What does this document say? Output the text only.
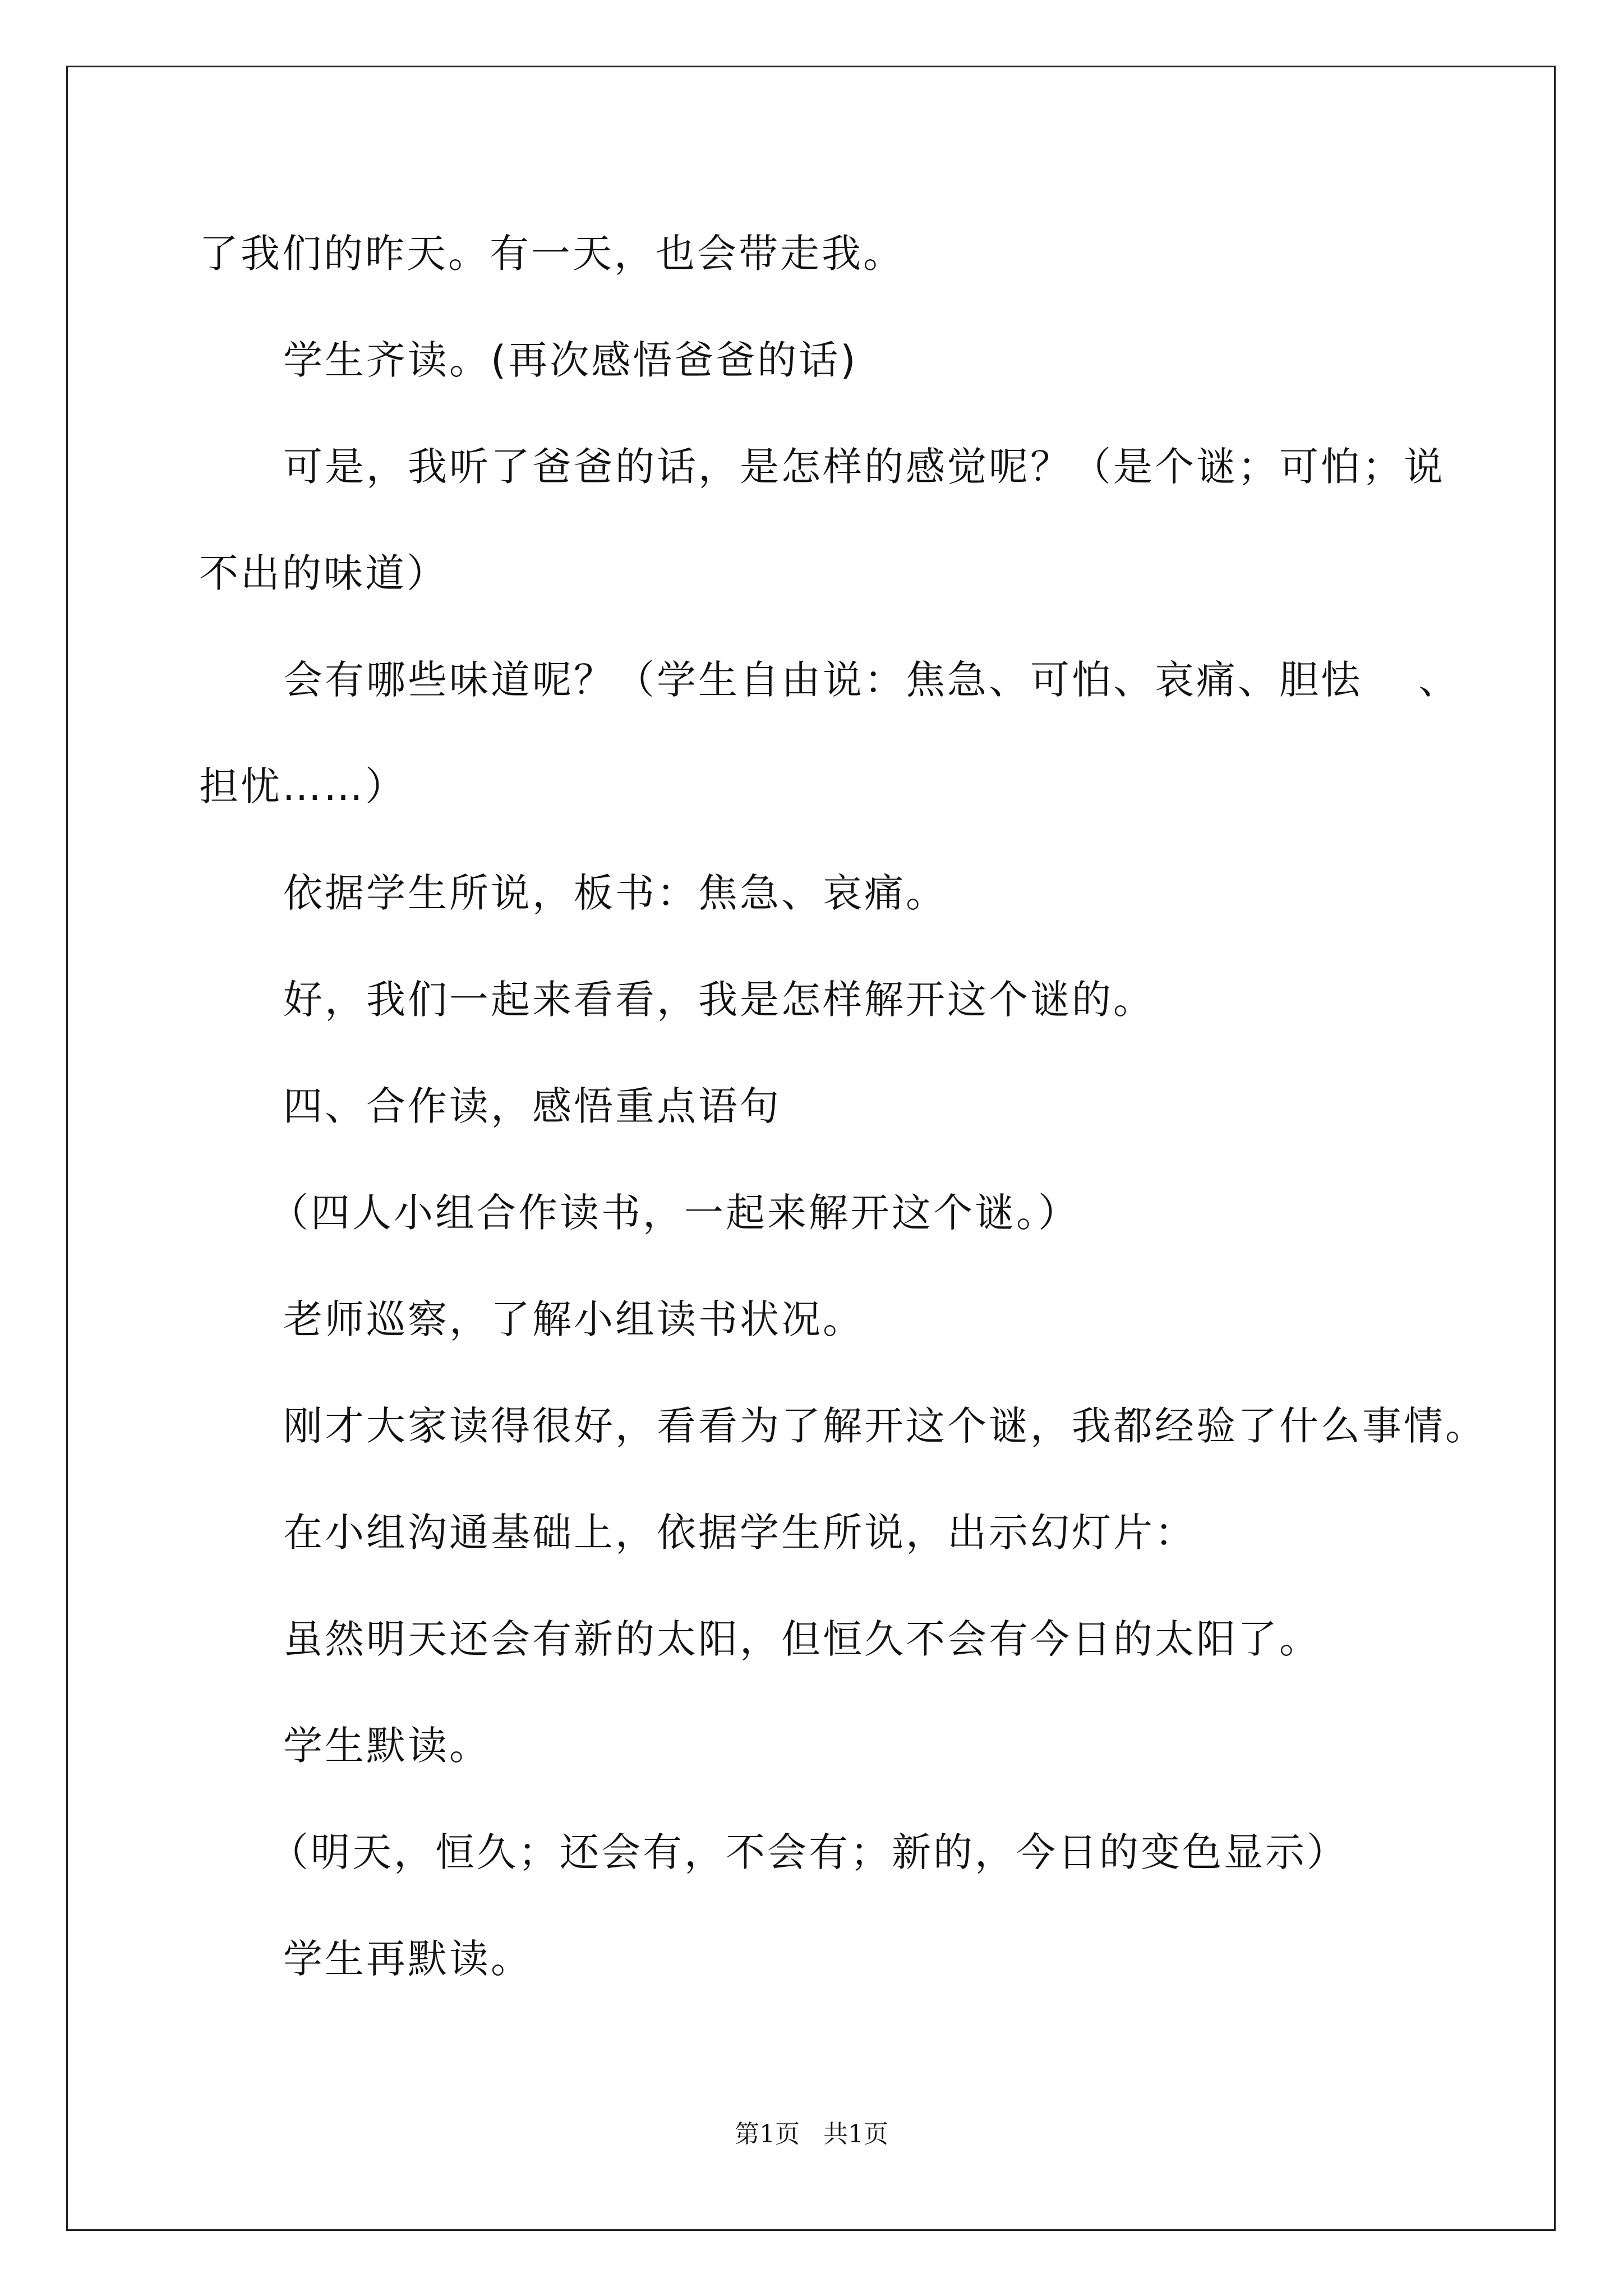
了我们的昨天。有一天，也会带走我。
学生齐读。(再次感悟爸爸的话)
可是，我听了爸爸的话，是怎样的感觉呢？（是个谜；可怕；说
不出的味道）
会有哪些味道呢？（学生自由说：焦急、可怕、哀痛、胆怯　 、
担忧……）
依据学生所说，板书：焦急、哀痛。
好，我们一起来看看，我是怎样解开这个谜的。
四、合作读，感悟重点语句
（四人小组合作读书，一起来解开这个谜。）
老师巡察，了解小组读书状况。
刚才大家读得很好，看看为了解开这个谜，我都经验了什么事情。
在小组沟通基础上，依据学生所说，出示幻灯片：
虽然明天还会有新的太阳，但恒久不会有今日的太阳了。
学生默读。
（明天，恒久；还会有，不会有；新的，今日的变色显示）
学生再默读。
第1页   共1页
